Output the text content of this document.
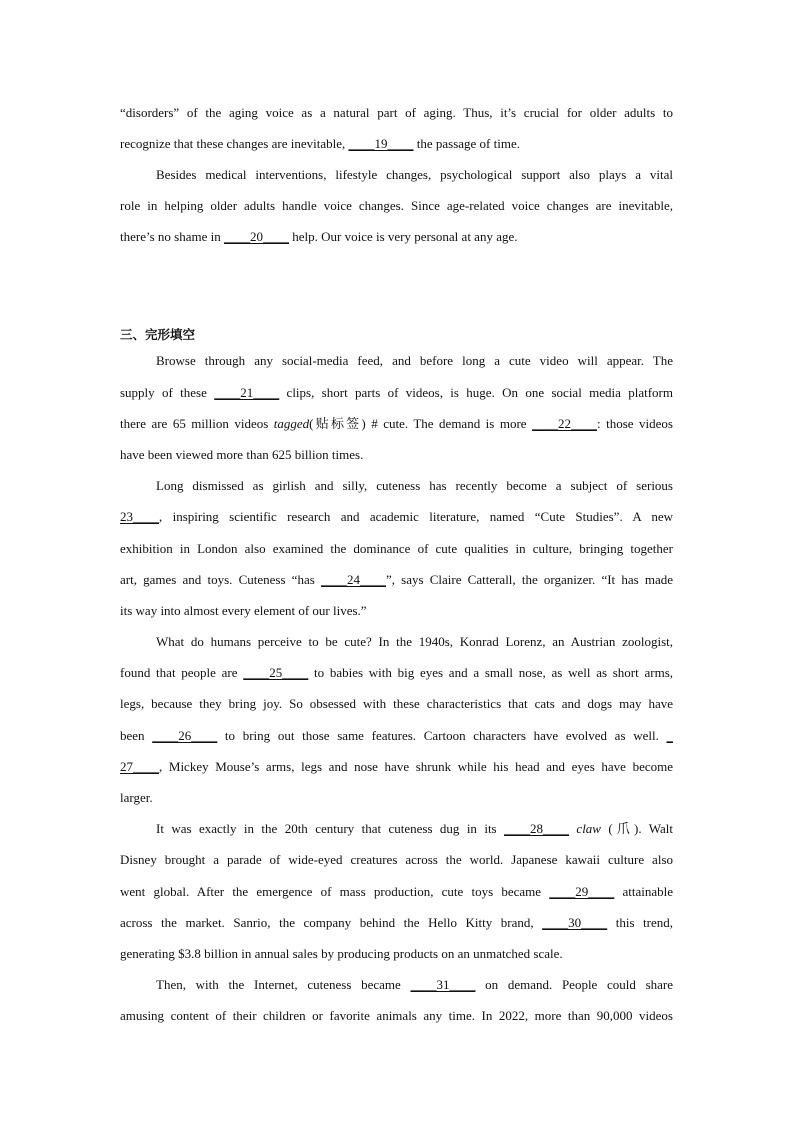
“disorders” of the aging voice as a natural part of aging. Thus, it’s crucial for older adults to
recognize that these changes are inevitable, ____19____ the passage of time.
Besides medical interventions, lifestyle changes, psychological support also plays a vital
role in helping older adults handle voice changes. Since age-related voice changes are inevitable,
there’s no shame in ____20____ help. Our voice is very personal at any age.
三、完形填空
Browse through any social-media feed, and before long a cute video will appear. The
supply of these ____21____ clips, short parts of videos, is huge. On one social media platform
there are 65 million videos tagged(贴标签) # cute. The demand is more ____22____: those videos
have been viewed more than 625 billion times.
Long dismissed as girlish and silly, cuteness has recently become a subject of serious
23____, inspiring scientific research and academic literature, named “Cute Studies”. A new
exhibition in London also examined the dominance of cute qualities in culture, bringing together
art, games and toys. Cuteness “has ____24____”, says Claire Catterall, the organizer. “It has made
its way into almost every element of our lives.”
What do humans perceive to be cute? In the 1940s, Konrad Lorenz, an Austrian zoologist,
found that people are ____25____ to babies with big eyes and a small nose, as well as short arms,
legs, because they bring joy. So obsessed with these characteristics that cats and dogs may have
been ____26____ to bring out those same features. Cartoon characters have evolved as well. _
27____, Mickey Mouse’s arms, legs and nose have shrunk while his head and eyes have become
larger.
It was exactly in the 20th century that cuteness dug in its ____28____ claw (爪). Walt
Disney brought a parade of wide-eyed creatures across the world. Japanese kawaii culture also
went global. After the emergence of mass production, cute toys became ____29____ attainable
across the market. Sanrio, the company behind the Hello Kitty brand, ____30____ this trend,
generating $3.8 billion in annual sales by producing products on an unmatched scale.
Then, with the Internet, cuteness became ____31____ on demand. People could share
amusing content of their children or favorite animals any time. In 2022, more than 90,000 videos
